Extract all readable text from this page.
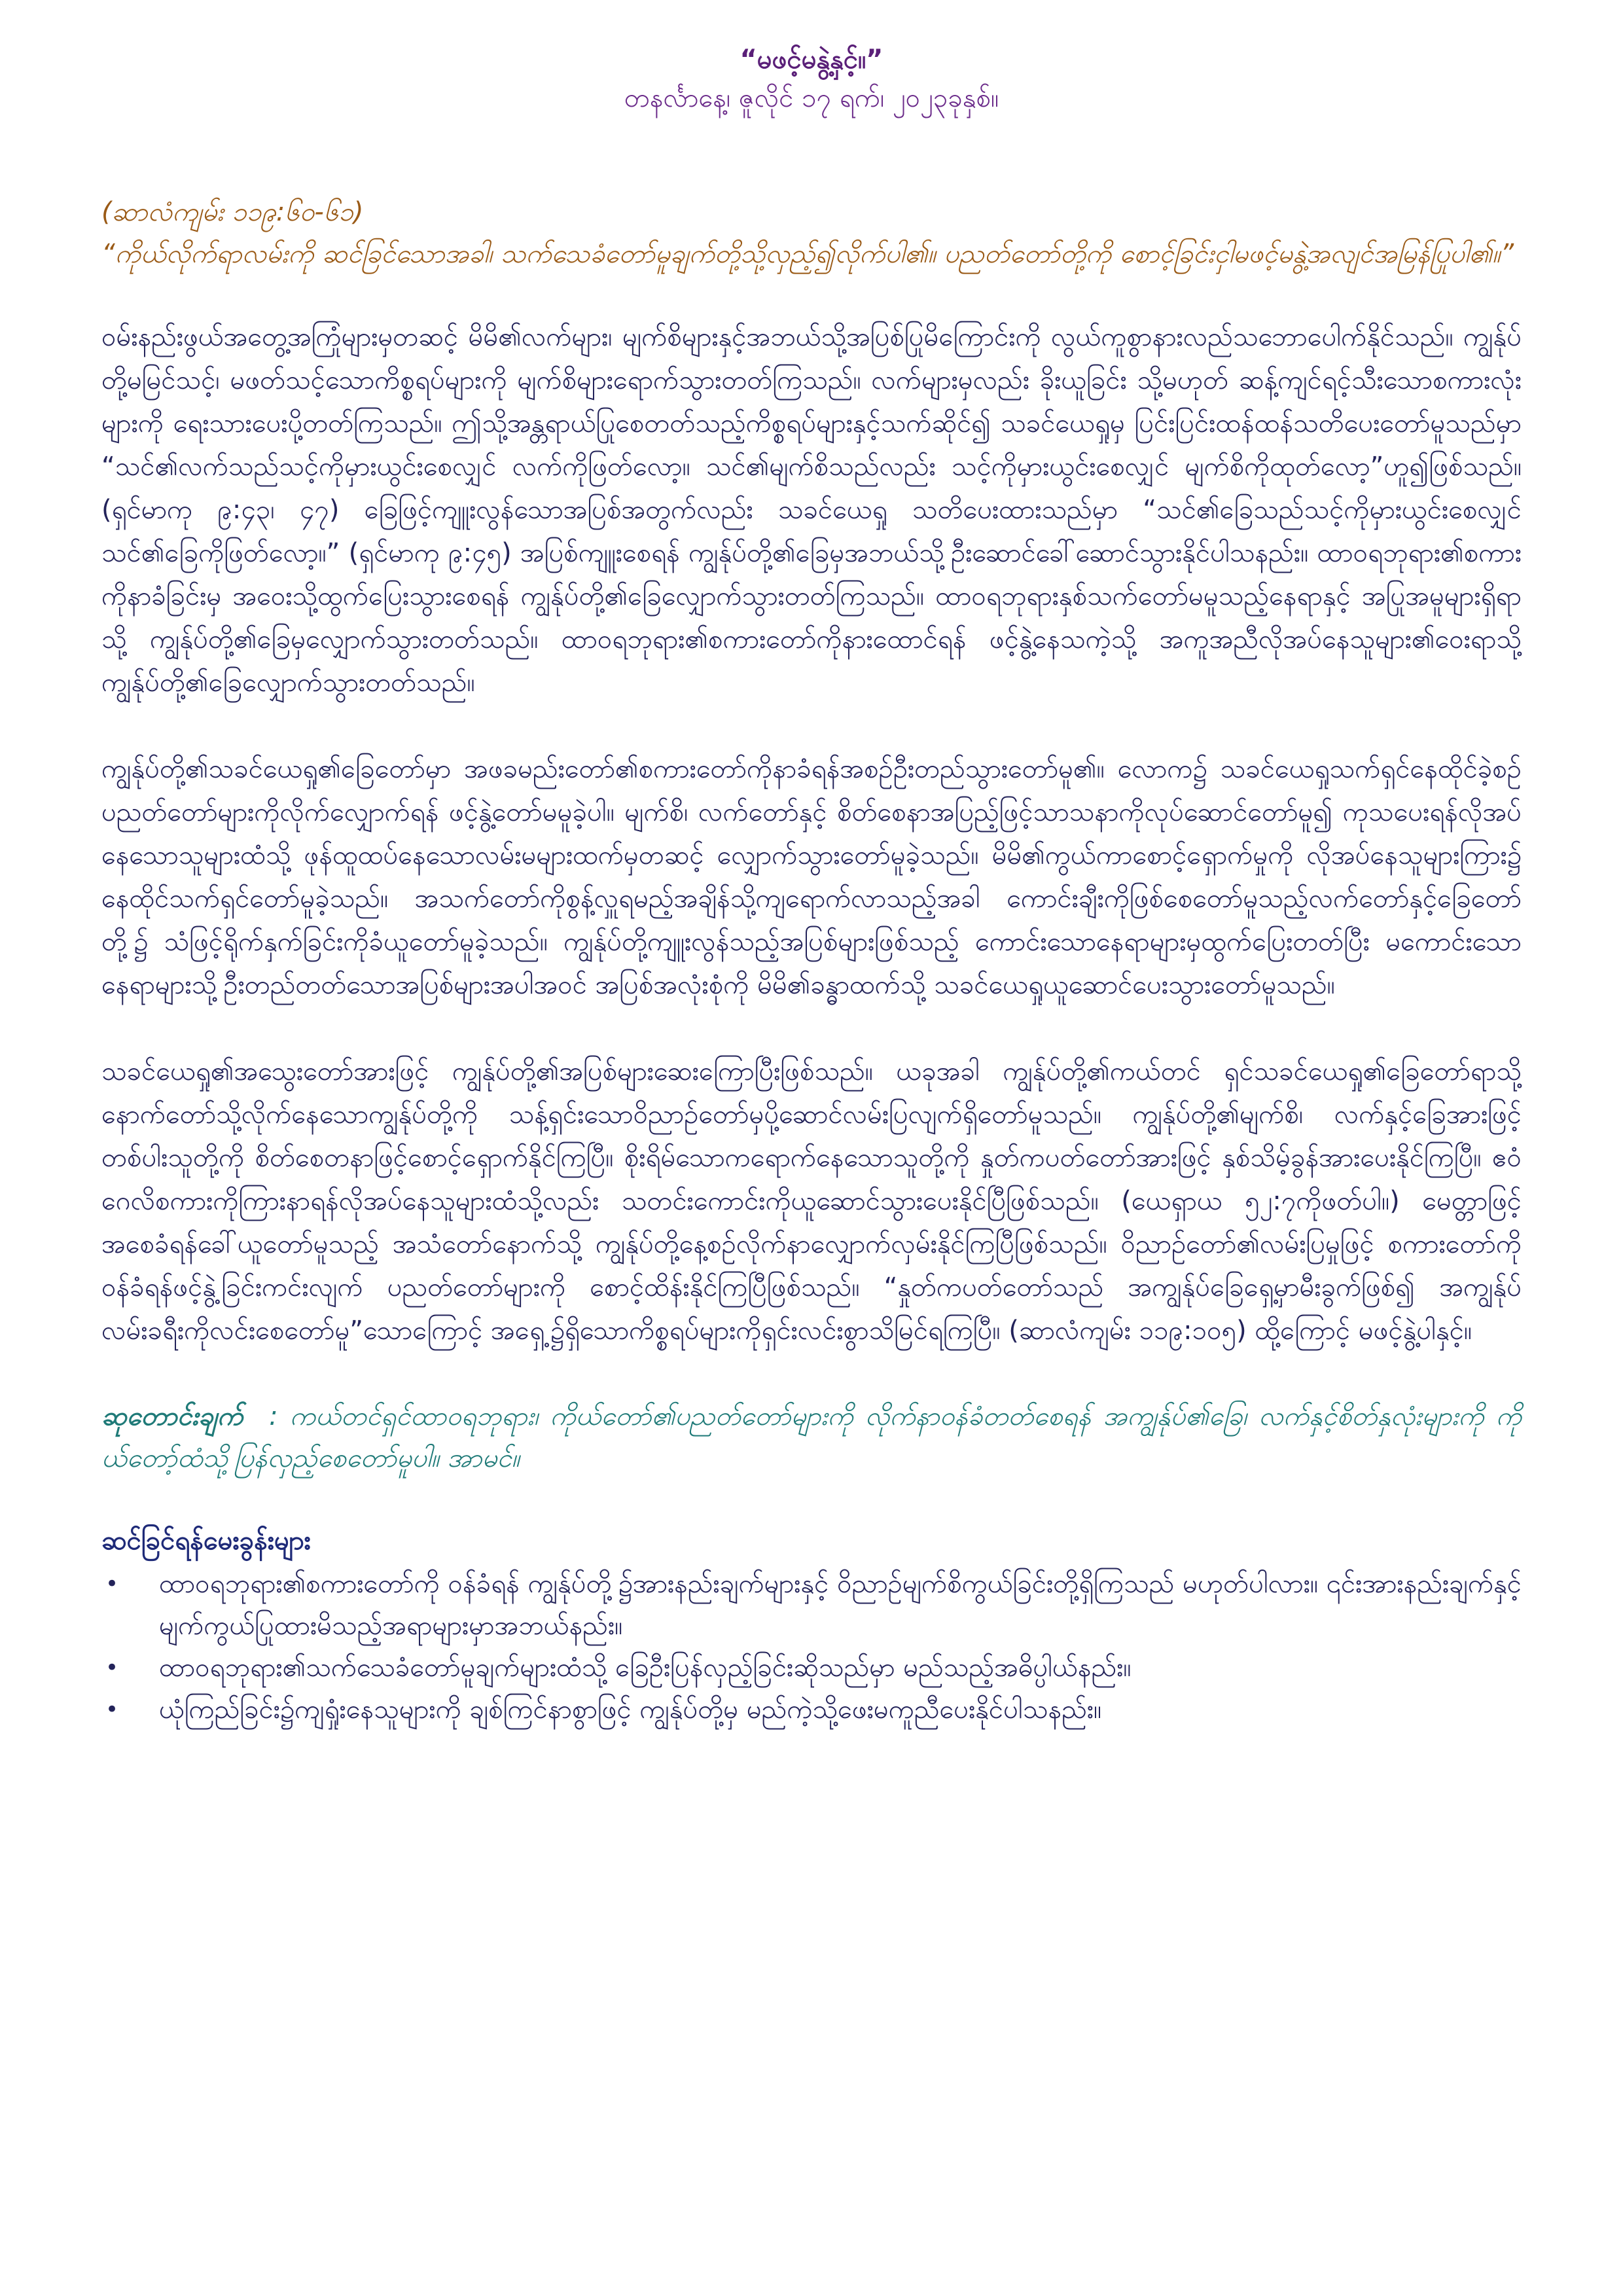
“မဖင့်မနွဲ့နှင့်။”

တနင်္လာနေ့၊ ဇူလိုင် ၁၇ ရက်၊ ၂၀၂၃ခုနှစ်။

(ဆာလံကျမ်း ၁၁၉:၆၀-၆၁)
“ကိုယ်လိုက်ရာလမ်းကို ဆင်ခြင်သောအခါ၊ သက်သေခံတော်မူချက်တို့သို့လှည့်၍လိုက်ပါ၏။ ပညတ်တော်တို့ကို စောင့်ခြင်းငှါမဖင့်မနွဲ့အလျင်အမြန်ပြုပါ၏။”

ဝမ်းနည်းဖွယ်အတွေ့အကြုံများမှတဆင့် မိမိ၏လက်များ၊ မျက်စိများနှင့်အဘယ်သို့အပြစ်ပြုမိကြောင်းကို လွယ်ကူစွာနားလည်သဘောပေါက်နိုင်သည်။ ကျွန်ုပ်တို့မမြင်သင့်၊ မဖတ်သင့်သောကိစ္စရပ်များကို မျက်စိများရောက်သွားတတ်ကြသည်။ လက်များမှလည်း ခိုးယူခြင်း သို့မဟုတ် ဆန့်ကျင်ရင့်သီးသောစကားလုံးများကို ရေးသားပေးပို့တတ်ကြသည်။ ဤသို့အန္တရာယ်ပြုစေတတ်သည့်ကိစ္စရပ်များနှင့်သက်ဆိုင်၍ သခင်ယေရှုမှ ပြင်းပြင်းထန်ထန်သတိပေးတော်မူသည်မှာ “သင်၏လက်သည်သင့်ကိုမှားယွင်းစေလျှင် လက်ကိုဖြတ်လော့။ သင်၏မျက်စိသည်လည်း သင့်ကိုမှားယွင်းစေလျှင် မျက်စိကိုထုတ်လော့”ဟူ၍ဖြစ်သည်။ (ရှင်မာကု ၉:၄၃၊ ၄၇) ခြေဖြင့်ကျူးလွန်သောအပြစ်အတွက်လည်း သခင်ယေရှု သတိပေးထားသည်မှာ “သင်၏ခြေသည်သင့်ကိုမှားယွင်းစေလျှင် သင်၏ခြေကိုဖြတ်လော့။” (ရှင်မာကု ၉:၄၅) အပြစ်ကျူးစေရန် ကျွန်ုပ်တို့၏ခြေမှအဘယ်သို့ဦးဆောင်ခေါ်ဆောင်သွားနိုင်ပါသနည်း။ ထာဝရဘုရား၏စကားကိုနာခံခြင်းမှ အဝေးသို့ထွက်ပြေးသွားစေရန် ကျွန်ုပ်တို့၏ခြေလျှောက်သွားတတ်ကြသည်။ ထာဝရဘုရားနှစ်သက်တော်မမူသည့်နေရာနှင့် အပြုအမူများရှိရာသို့ ကျွန်ုပ်တို့၏ခြေမှလျှောက်သွားတတ်သည်။ ထာဝရဘုရား၏စကားတော်ကိုနားထောင်ရန် ဖင့်နွဲ့နေသကဲ့သို့ အကူအညီလိုအပ်နေသူများ၏ဝေးရာသို့ ကျွန်ုပ်တို့၏ခြေလျှောက်သွားတတ်သည်။

ကျွန်ုပ်တို့၏သခင်ယေရှု၏ခြေတော်မှာ အဖခမည်းတော်၏စကားတော်ကိုနာခံရန်အစဉ်ဦးတည်သွားတော်မူ၏။ လောက၌ သခင်ယေရှုသက်ရှင်နေထိုင်ခဲ့စဉ် ပညတ်တော်များကိုလိုက်လျှောက်ရန် ဖင့်နွဲ့တော်မမူခဲ့ပါ။ မျက်စိ၊ လက်တော်နှင့် စိတ်စေနာအပြည့်ဖြင့်သာသနာကိုလုပ်ဆောင်တော်မူ၍ ကုသပေးရန်လိုအပ်နေသောသူများထံသို့ ဖုန်ထူထပ်နေသောလမ်းမများထက်မှတဆင့် လျှောက်သွားတော်မူခဲ့သည်။ မိမိ၏ကွယ်ကာစောင့်ရှောက်မှုကို လိုအပ်နေသူများကြား၌ နေထိုင်သက်ရှင်တော်မူခဲ့သည်။ အသက်တော်ကိုစွန့်လှူရမည့်အချိန်သို့ကျရောက်လာသည့်အခါ ကောင်းချီးကိုဖြစ်စေတော်မူသည့်လက်တော်နှင့်ခြေတော်တို့၌ သံဖြင့်ရိုက်နှက်ခြင်းကိုခံယူတော်မူခဲ့သည်။ ကျွန်ုပ်တို့ကျူးလွန်သည့်အပြစ်များဖြစ်သည့် ကောင်းသောနေရာများမှထွက်ပြေးတတ်ပြီး မကောင်းသောနေရာများသို့ဦးတည်တတ်သောအပြစ်များအပါအဝင် အပြစ်အလုံးစုံကို မိမိ၏ခန္ဓာထက်သို့ သခင်ယေရှုယူဆောင်ပေးသွားတော်မူသည်။

သခင်ယေရှု၏အသွေးတော်အားဖြင့် ကျွန်ုပ်တို့၏အပြစ်များဆေးကြောပြီးဖြစ်သည်။ ယခုအခါ ကျွန်ုပ်တို့၏ကယ်တင် ရှင်သခင်ယေရှု၏ခြေတော်ရာသို့ နောက်တော်သို့လိုက်နေသောကျွန်ုပ်တို့ကို သန့်ရှင်းသောဝိညာဉ်တော်မှပို့ဆောင်လမ်းပြလျက်ရှိတော်မူသည်။ ကျွန်ုပ်တို့၏မျက်စိ၊ လက်နှင့်ခြေအားဖြင့် တစ်ပါးသူတို့ကို စိတ်စေတနာဖြင့်စောင့်ရှောက်နိုင်ကြပြီ။ စိုးရိမ်သောကရောက်နေသောသူတို့ကို နှုတ်ကပတ်တော်အားဖြင့် နှစ်သိမ့်ခွန်အားပေးနိုင်ကြပြီ။ ဧဝံဂေလိစကားကိုကြားနာရန်လိုအပ်နေသူများထံသို့လည်း သတင်းကောင်းကိုယူဆောင်သွားပေးနိုင်ပြီဖြစ်သည်။ (ယေရှာယ ၅၂:၇ကိုဖတ်ပါ။) မေတ္တာဖြင့်အစေခံရန်ခေါ်ယူတော်မူသည့် အသံတော်နောက်သို့ ကျွန်ုပ်တို့နေ့စဉ်လိုက်နာလျှောက်လှမ်းနိုင်ကြပြီဖြစ်သည်။ ဝိညာဉ်တော်၏လမ်းပြမှုဖြင့် စကားတော်ကို ဝန်ခံရန်ဖင့်နွဲ့ခြင်းကင်းလျက် ပညတ်တော်များကို စောင့်ထိန်းနိုင်ကြပြီဖြစ်သည်။ “နှုတ်ကပတ်တော်သည် အကျွန်ုပ်ခြေရှေ့မှာမီးခွက်ဖြစ်၍ အကျွန်ုပ်လမ်းခရီးကိုလင်းစေတော်မူ”သောကြောင့် အရှေ့၌ရှိသောကိစ္စရပ်များကိုရှင်းလင်းစွာသိမြင်ရကြပြီ။ (ဆာလံကျမ်း ၁၁၉:၁၀၅) ထို့ကြောင့် မဖင့်နွဲ့ပါနှင့်။

ဆုတောင်းချက် : ကယ်တင်ရှင်ထာဝရဘုရား၊ ကိုယ်တော်၏ပညတ်တော်များကို လိုက်နာဝန်ခံတတ်စေရန် အကျွန်ုပ်၏ခြေ၊ လက်နှင့်စိတ်နှလုံးများကို ကိုယ်တော့်ထံသို့ပြန်လှည့်စေတော်မူပါ။ အာမင်။

ဆင်ခြင်ရန်မေးခွန်းများ

• ထာဝရဘုရား၏စကားတော်ကို ဝန်ခံရန် ကျွန်ုပ်တို့၌အားနည်းချက်များနှင့် ဝိညာဉ်မျက်စိကွယ်ခြင်းတို့ရှိကြသည် မဟုတ်ပါလား။ ၎င်းအားနည်းချက်နှင့် မျက်ကွယ်ပြုထားမိသည့်အရာများမှာအဘယ်နည်း။
• ထာဝရဘုရား၏သက်သေခံတော်မူချက်များထံသို့ ခြေဦးပြန်လှည့်ခြင်းဆိုသည်မှာ မည်သည့်အဓိပ္ပါယ်နည်း။
• ယုံကြည်ခြင်း၌ကျရှုံးနေသူများကို ချစ်ကြင်နာစွာဖြင့် ကျွန်ုပ်တို့မှ မည်ကဲ့သို့ဖေးမကူညီပေးနိုင်ပါသနည်း။
